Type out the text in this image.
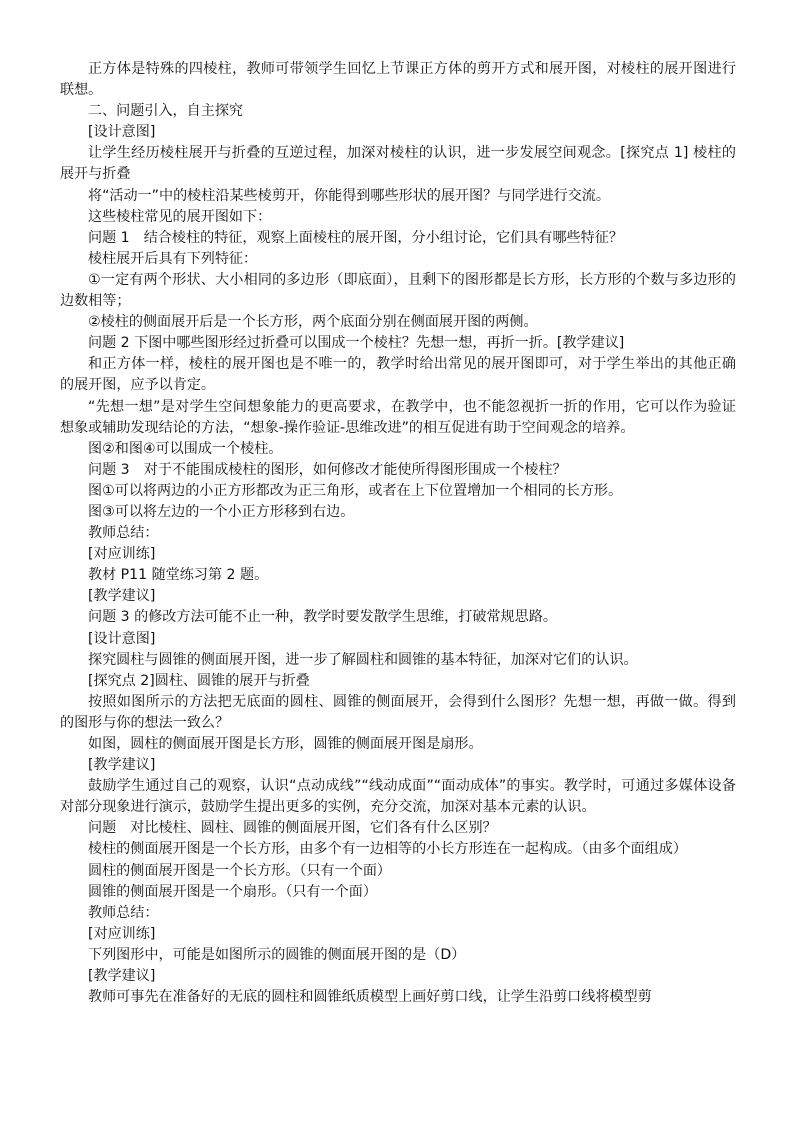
正方体是特殊的四棱柱，教师可带领学生回忆上节课正方体的剪开方式和展开图，对棱柱的展开图进行联想。

二、问题引入，自主探究

[设计意图]

让学生经历棱柱展开与折叠的互逆过程，加深对棱柱的认识，进一步发展空间观念。[探究点 1] 棱柱的展开与折叠

将“活动一”中的棱柱沿某些棱剪开，你能得到哪些形状的展开图？与同学进行交流。

这些棱柱常见的展开图如下：

问题 1　结合棱柱的特征，观察上面棱柱的展开图，分小组讨论，它们具有哪些特征？

棱柱展开后具有下列特征：

①一定有两个形状、大小相同的多边形（即底面），且剩下的图形都是长方形，长方形的个数与多边形的边数相等；

②棱柱的侧面展开后是一个长方形，两个底面分别在侧面展开图的两侧。

问题 2 下图中哪些图形经过折叠可以围成一个棱柱？先想一想，再折一折。[教学建议]

和正方体一样，棱柱的展开图也是不唯一的，教学时给出常见的展开图即可，对于学生举出的其他正确的展开图，应予以肯定。

“先想一想”是对学生空间想象能力的更高要求，在教学中，也不能忽视折一折的作用，它可以作为验证想象或辅助发现结论的方法，“想象-操作验证-思维改进”的相互促进有助于空间观念的培养。

图②和图④可以围成一个棱柱。

问题 3　对于不能围成棱柱的图形，如何修改才能使所得图形围成一个棱柱？

图①可以将两边的小正方形都改为正三角形，或者在上下位置增加一个相同的长方形。

图③可以将左边的一个小正方形移到右边。

教师总结：

[对应训练]

教材 P11 随堂练习第 2 题。

[教学建议]

问题 3 的修改方法可能不止一种，教学时要发散学生思维，打破常规思路。

[设计意图]

探究圆柱与圆锥的侧面展开图，进一步了解圆柱和圆锥的基本特征，加深对它们的认识。

[探究点 2]圆柱、圆锥的展开与折叠

按照如图所示的方法把无底面的圆柱、圆锥的侧面展开，会得到什么图形？先想一想，再做一做。得到的图形与你的想法一致么？

如图，圆柱的侧面展开图是长方形，圆锥的侧面展开图是扇形。

[教学建议]

鼓励学生通过自己的观察，认识“点动成线”“线动成面”“面动成体”的事实。教学时，可通过多媒体设备对部分现象进行演示，鼓励学生提出更多的实例，充分交流，加深对基本元素的认识。

问题　对比棱柱、圆柱、圆锥的侧面展开图，它们各有什么区别？

棱柱的侧面展开图是一个长方形，由多个有一边相等的小长方形连在一起构成。（由多个面组成）

圆柱的侧面展开图是一个长方形。（只有一个面）

圆锥的侧面展开图是一个扇形。（只有一个面）

教师总结：

[对应训练]

下列图形中，可能是如图所示的圆锥的侧面展开图的是（D）

[教学建议]

教师可事先在准备好的无底的圆柱和圆锥纸质模型上画好剪口线，让学生沿剪口线将模型剪
